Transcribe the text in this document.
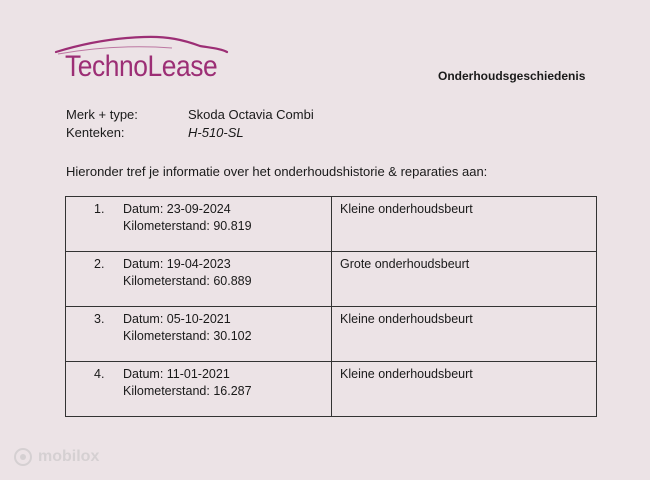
TechnoLease	Onderhoudsgeschiedenis
Merk + type:	Skoda Octavia Combi
Kenteken:	H-510-SL
Hieronder tref je informatie over het onderhoudshistorie & reparaties aan:
1. Datum: 23-09-2024
Kilometerstand: 90.819	Kleine onderhoudsbeurt

2. Datum: 19-04-2023
Kilometerstand: 60.889	Grote onderhoudsbeurt

3. Datum: 05-10-2021
Kilometerstand: 30.102	Kleine onderhoudsbeurt

4. Datum: 11-01-2021
Kilometerstand: 16.287	Kleine onderhoudsbeurt
mobilox
